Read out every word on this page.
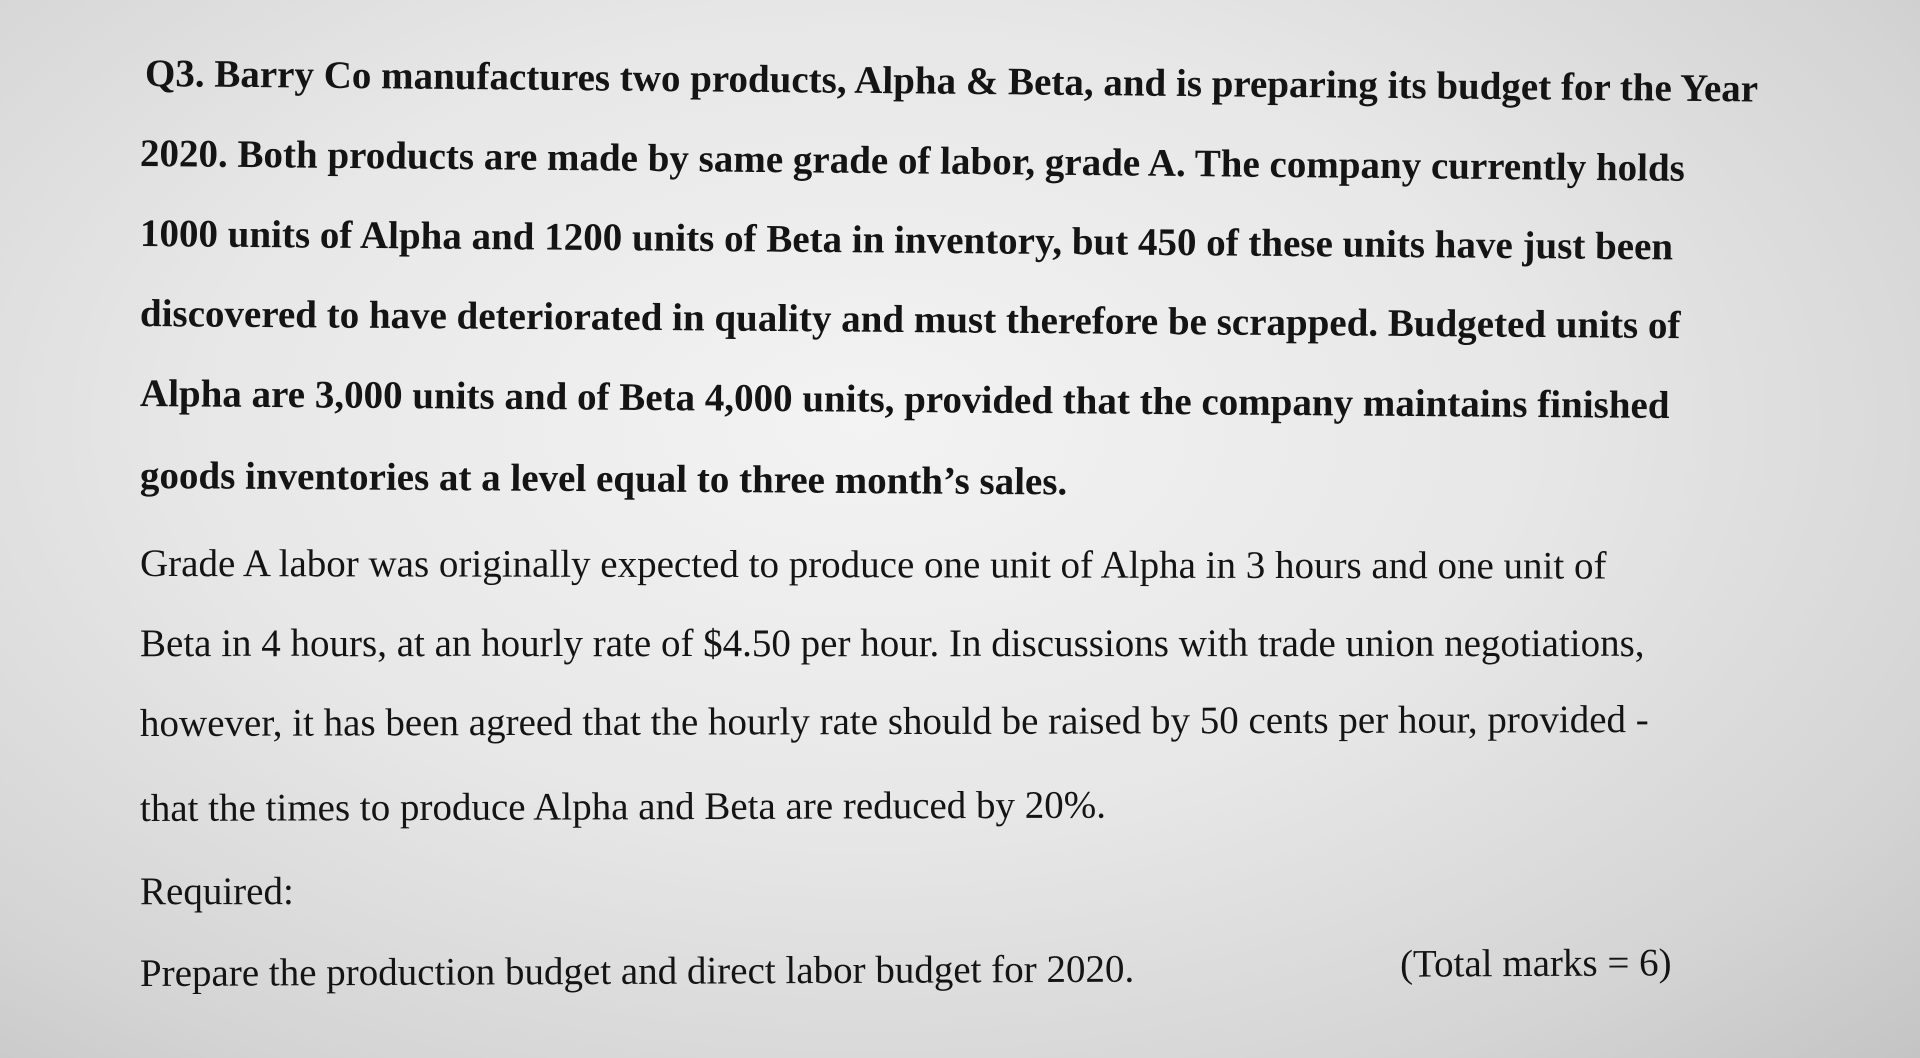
Q3. Barry Co manufactures two products, Alpha & Beta, and is preparing its budget for the Year
2020. Both products are made by same grade of labor, grade A. The company currently holds
1000 units of Alpha and 1200 units of Beta in inventory, but 450 of these units have just been
discovered to have deteriorated in quality and must therefore be scrapped. Budgeted units of
Alpha are 3,000 units and of Beta 4,000 units, provided that the company maintains finished
goods inventories at a level equal to three month’s sales.
Grade A labor was originally expected to produce one unit of Alpha in 3 hours and one unit of
Beta in 4 hours, at an hourly rate of $4.50 per hour. In discussions with trade union negotiations,
however, it has been agreed that the hourly rate should be raised by 50 cents per hour, provided -
that the times to produce Alpha and Beta are reduced by 20%.
Required:
Prepare the production budget and direct labor budget for 2020.	(Total marks = 6)
